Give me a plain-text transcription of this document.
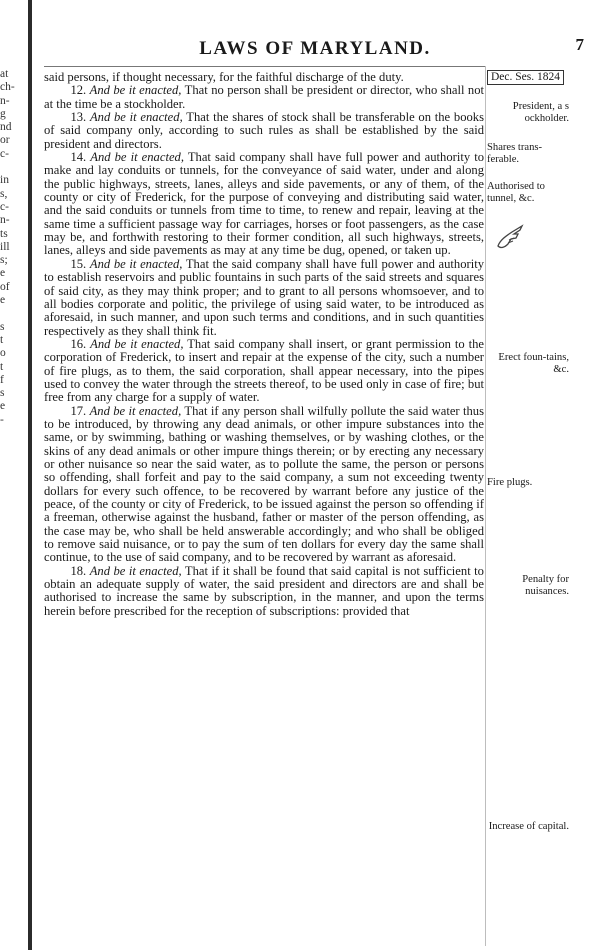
at
ch-
n-
g
nd
or
c-
in
s,
c-
n-
ts
ill
s;
e
of
e
s
t
o
t
f
s
e
-
LAWS OF MARYLAND.	7
Dec. Ses. 1824
President, a s ockholder.
Shares trans-ferable.
Authorised to tunnel, &c.
Erect foun-tains, &c.
Fire plugs.
Penalty for nuisances.
Increase of capital.

said persons, if thought necessary, for the faithful discharge of the duty.

12. And be it enacted, That no person shall be president or director, who shall not at the time be a stockholder.

13. And be it enacted, That the shares of stock shall be transferable on the books of said company only, according to such rules as shall be established by the said president and directors.

14. And be it enacted, That said company shall have full power and authority to make and lay conduits or tunnels, for the conveyance of said water, under and along the public highways, streets, lanes, alleys and side pavements, or any of them, of the county or city of Frederick, for the purpose of conveying and distributing said water, and the said conduits or tunnels from time to time, to renew and repair, leaving at the same time a sufficient passage way for carriages, horses or foot passengers, as the case may be, and forthwith restoring to their former condition, all such highways, streets, lanes, alleys and side pavements as may at any time be dug, opened, or taken up.

15. And be it enacted, That the said company shall have full power and authority to establish reservoirs and public fountains in such parts of the said streets and squares of said city, as they may think proper; and to grant to all persons whomsoever, and to all bodies corporate and politic, the privilege of using said water, to be introduced as aforesaid, in such manner, and upon such terms and conditions, and in such quantities respectively as they shall think fit.

16. And be it enacted, That said company shall insert, or grant permission to the corporation of Frederick, to insert and repair at the expense of the city, such a number of fire plugs, as to them, the said corporation, shall appear necessary, into the pipes used to convey the water through the streets thereof, to be used only in case of fire; but free from any charge for a supply of water.

17. And be it enacted, That if any person shall wilfully pollute the said water thus to be introduced, by throwing any dead animals, or other impure substances into the same, or by swimming, bathing or washing themselves, or by washing clothes, or the skins of any dead animals or other impure things therein; or by erecting any necessary or other nuisance so near the said water, as to pollute the same, the person or persons so offending, shall forfeit and pay to the said company, a sum not exceeding twenty dollars for every such offence, to be recovered by warrant before any justice of the peace, of the county or city of Frederick, to be issued against the person so offending if a freeman, otherwise against the husband, father or master of the person offending, as the case may be, who shall be held answerable accordingly; and who shall be obliged to remove said nuisance, or to pay the sum of ten dollars for every day the same shall continue, to the use of said company, and to be recovered by warrant as aforesaid.

18. And be it enacted, That if it shall be found that said capital is not sufficient to obtain an adequate supply of water, the said president and directors are and shall be authorised to increase the same by subscription, in the manner, and upon the terms herein before prescribed for the reception of subscriptions: provided that
